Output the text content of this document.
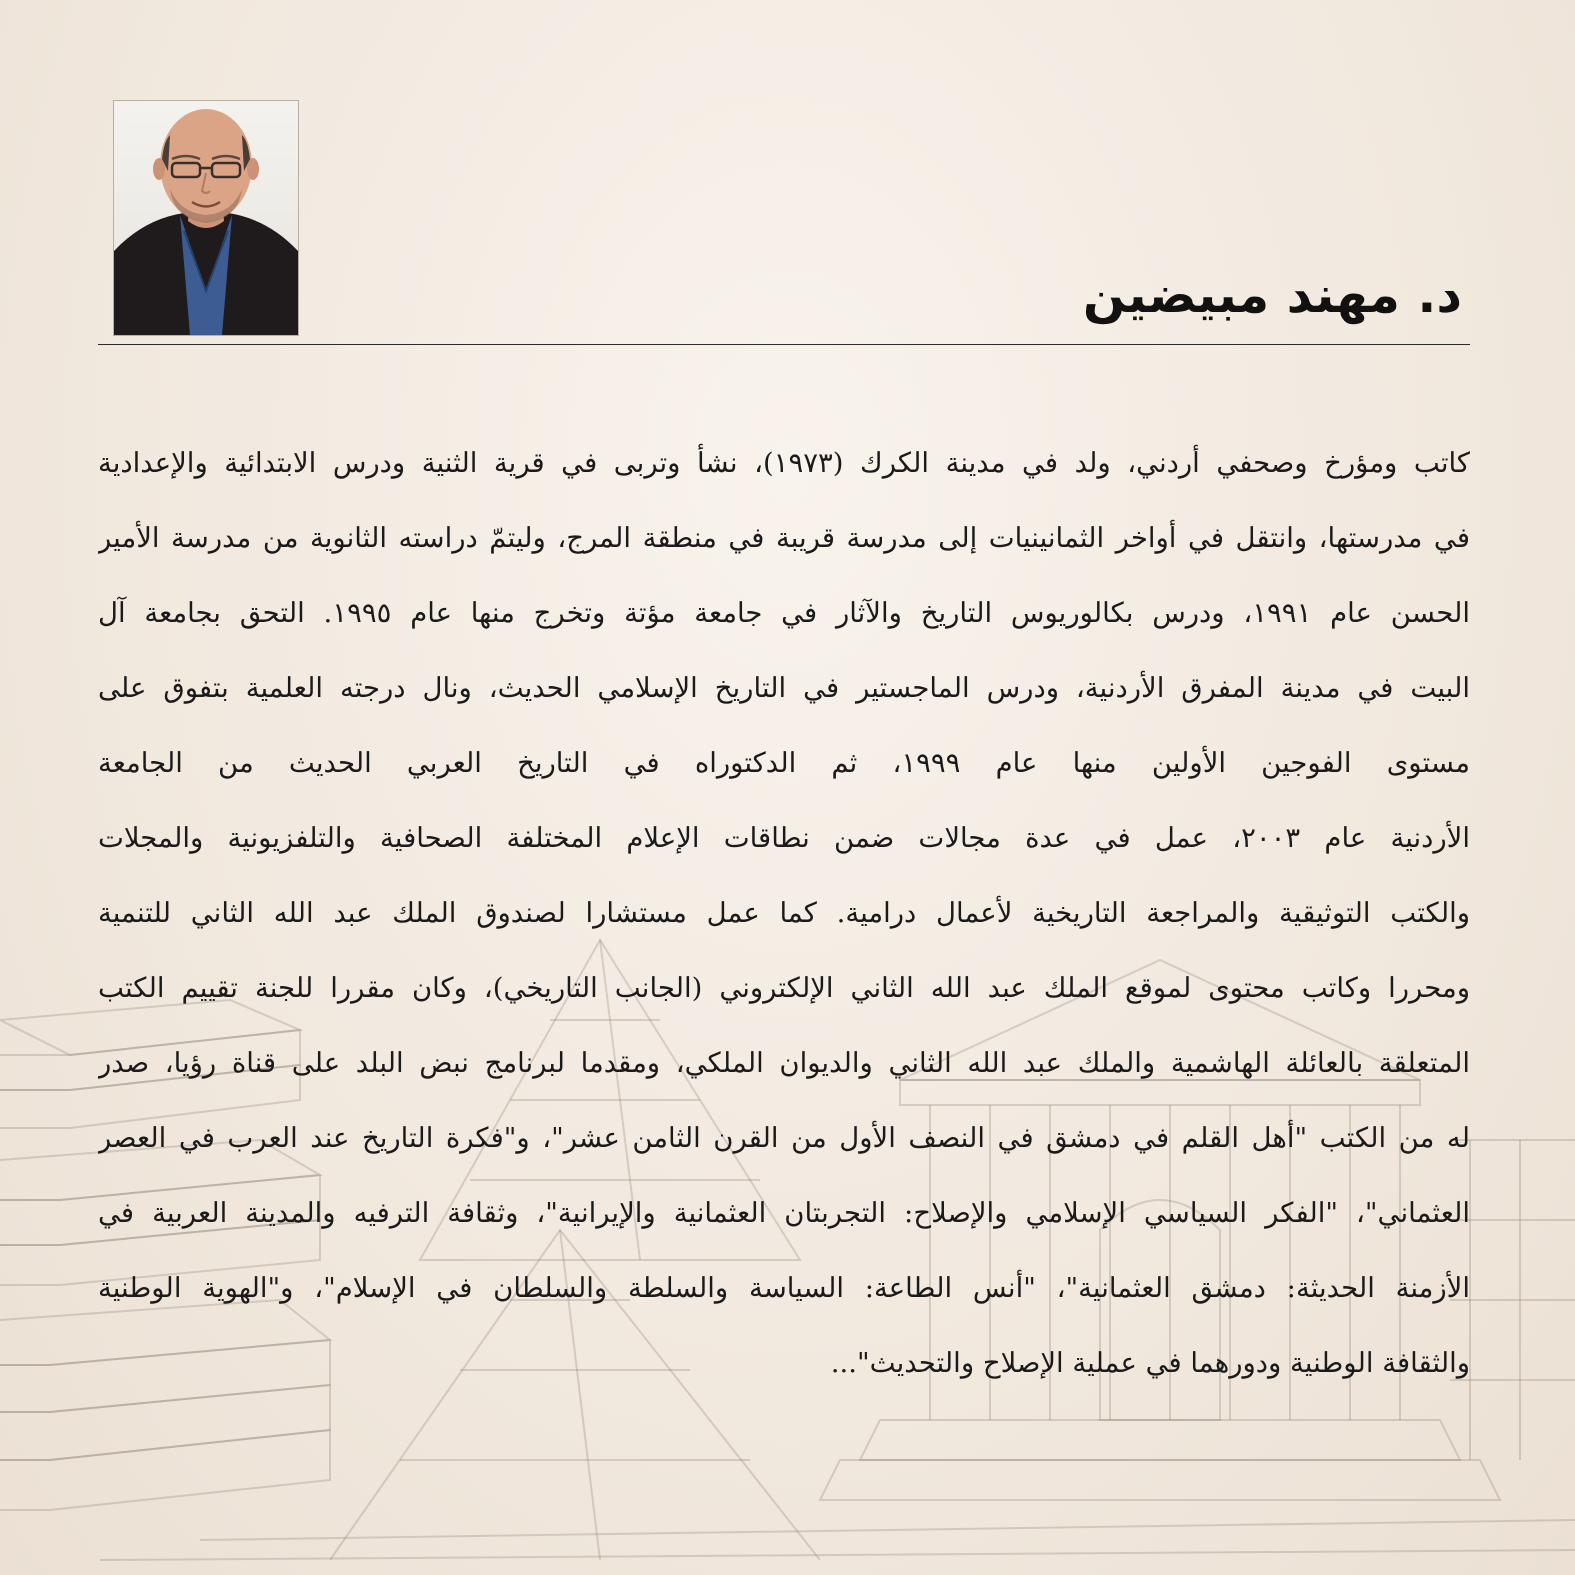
د. مهند مبيضين
كاتب ومؤرخ وصحفي أردني، ولد في مدينة الكرك (١٩٧٣)، نشأ وتربى في قرية الثنية ودرس الابتدائية والإعدادية
في مدرستها، وانتقل في أواخر الثمانينيات إلى مدرسة قريبة في منطقة المرج، وليتمّ دراسته الثانوية من مدرسة الأمير
الحسن عام ١٩٩١، ودرس بكالوريوس التاريخ والآثار في جامعة مؤتة وتخرج منها عام ١٩٩٥. التحق بجامعة آل
البيت في مدينة المفرق الأردنية، ودرس الماجستير في التاريخ الإسلامي الحديث، ونال درجته العلمية بتفوق على
مستوى الفوجين الأولين منها عام ١٩٩٩، ثم الدكتوراه في التاريخ العربي الحديث من الجامعة
الأردنية عام ٢٠٠٣، عمل في عدة مجالات ضمن نطاقات الإعلام المختلفة الصحافية والتلفزيونية والمجلات
والكتب التوثيقية والمراجعة التاريخية لأعمال درامية. كما عمل مستشارا لصندوق الملك عبد الله الثاني للتنمية
ومحررا وكاتب محتوى لموقع الملك عبد الله الثاني الإلكتروني (الجانب التاريخي)، وكان مقررا للجنة تقييم الكتب
المتعلقة بالعائلة الهاشمية والملك عبد الله الثاني والديوان الملكي، ومقدما لبرنامج نبض البلد على قناة رؤيا، صدر
له من الكتب "أهل القلم في دمشق في النصف الأول من القرن الثامن عشر"، و"فكرة التاريخ عند العرب في العصر
العثماني"، "الفكر السياسي الإسلامي والإصلاح: التجربتان العثمانية والإيرانية"، وثقافة الترفيه والمدينة العربية في
الأزمنة الحديثة: دمشق العثمانية"، "أنس الطاعة: السياسة والسلطة والسلطان في الإسلام"، و"الهوية الوطنية
والثقافة الوطنية ودورهما في عملية الإصلاح والتحديث"...
